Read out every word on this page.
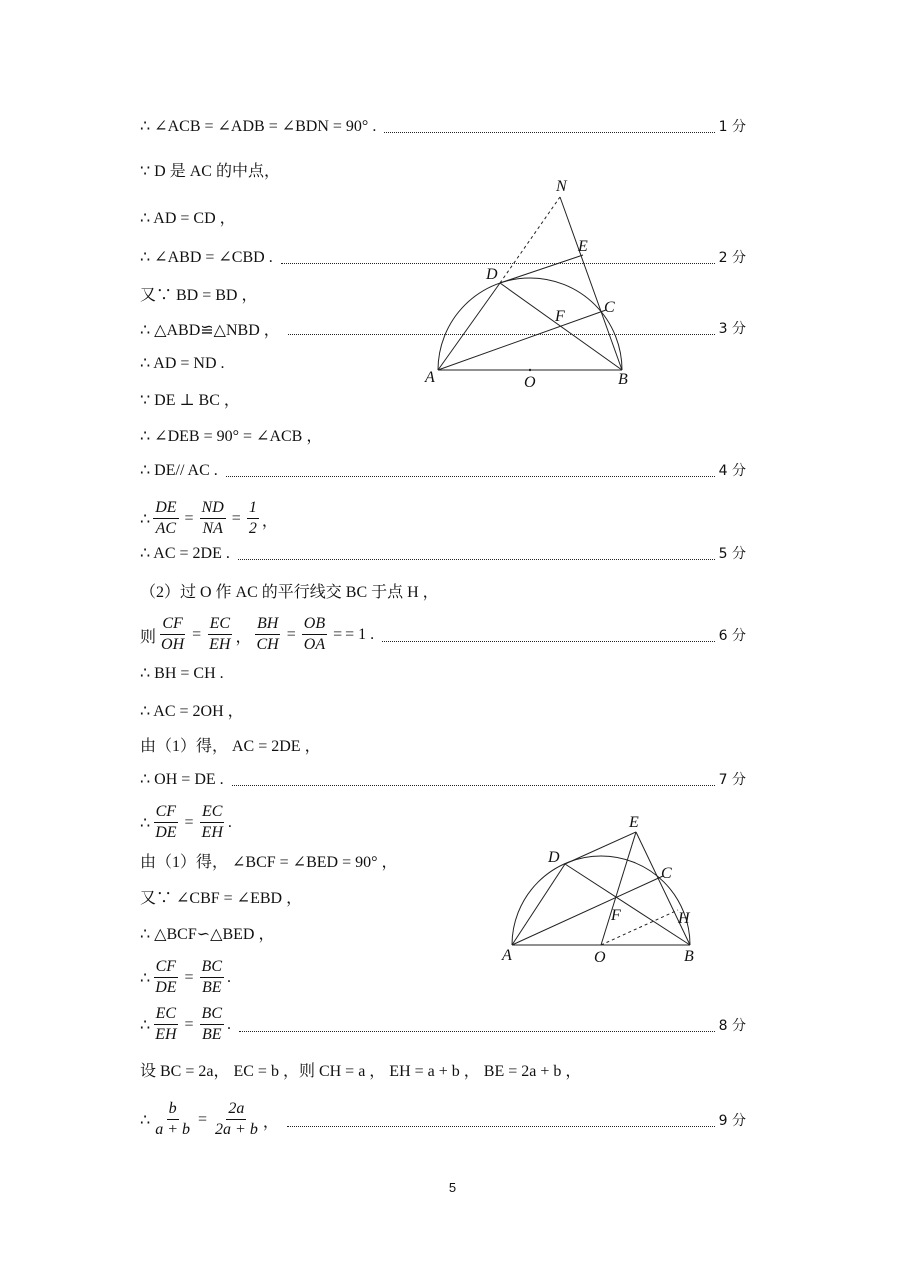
∴ ∠ACB = ∠ADB = ∠BDN = 90° .	1 分
∵ D 是 AC 的中点，
∴ AD = CD ，
∴ ∠ABD = ∠CBD .	2 分
又∵ BD = BD ，
∴ △ABD≌△NBD ，	3 分
∴ AD = ND .
∵ DE ⊥ BC ，
∴ ∠DEB = 90° = ∠ACB ，
∴ DE// AC .	4 分
∴ $\frac{DE}{AC} = \frac{ND}{NA} = \frac{1}{2}$ ，
∴ AC = 2DE .	5 分
（2）过 O 作 AC 的平行线交 BC 于点 H ，
则 $\frac{CF}{OH} = \frac{EC}{EH}$ ， $\frac{BH}{CH} = \frac{OB}{OA}$ = = 1 .	6 分
∴ BH = CH .
∴ AC = 2OH ，
由（1）得， AC = 2DE ，
∴ OH = DE .	7 分
∴ $\frac{CF}{DE} = \frac{EC}{EH}$ .
由（1）得， ∠BCF = ∠BED = 90° ，
又∵ ∠CBF = ∠EBD ，
∴ △BCF∽△BED ，
∴ $\frac{CF}{DE} = \frac{BC}{BE}$ .
∴ $\frac{EC}{EH} = \frac{BC}{BE}$ .	8 分
设 BC = 2a， EC = b ，则 CH = a ， EH = a + b ， BE = 2a + b ，
∴ $\frac{b}{a + b} = \frac{2a}{2a + b}$ ，	9 分
N
E
D
C
F
A	O	B
E
D
C
F	H
A	O	B
5
